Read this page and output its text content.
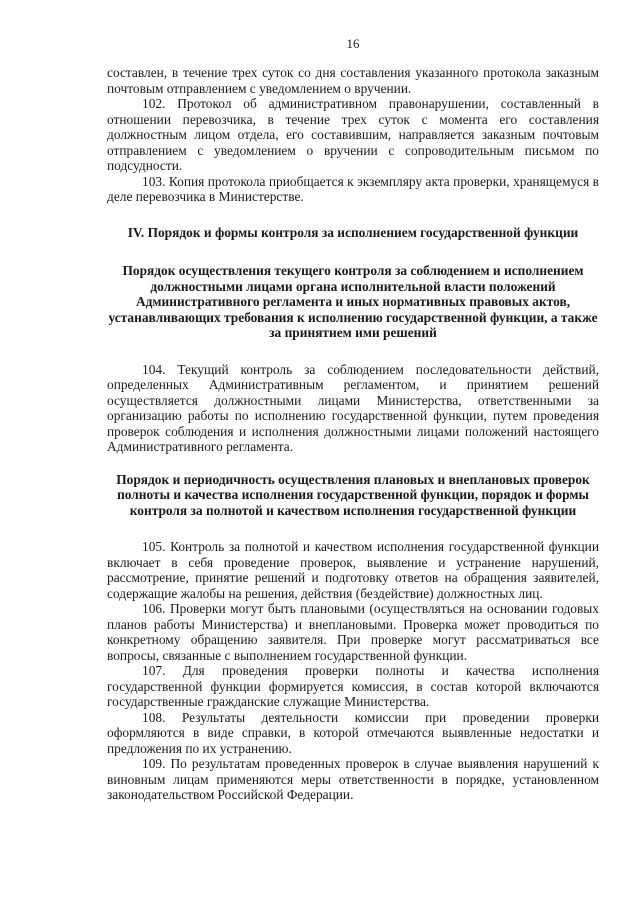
16

составлен, в течение трех суток со дня составления указанного протокола заказным почтовым отправлением с уведомлением о вручении.

102. Протокол об административном правонарушении, составленный в отношении перевозчика, в течение трех суток с момента его составления должностным лицом отдела, его составившим, направляется заказным почтовым отправлением с уведомлением о вручении с сопроводительным письмом по подсудности.

103. Копия протокола приобщается к экземпляру акта проверки, хранящемуся в деле перевозчика в Министерстве.

IV. Порядок и формы контроля за исполнением государственной функции
Порядок осуществления текущего контроля за соблюдением и исполнением должностными лицами органа исполнительной власти положений Административного регламента и иных нормативных правовых актов, устанавливающих требования к исполнению государственной функции, а также за принятием ими решений

104. Текущий контроль за соблюдением последовательности действий, определенных Административным регламентом, и принятием решений осуществляется должностными лицами Министерства, ответственными за организацию работы по исполнению государственной функции, путем проведения проверок соблюдения и исполнения должностными лицами положений настоящего Административного регламента.

Порядок и периодичность осуществления плановых и внеплановых проверок полноты и качества исполнения государственной функции, порядок и формы контроля за полнотой и качеством исполнения государственной функции

105. Контроль за полнотой и качеством исполнения государственной функции включает в себя проведение проверок, выявление и устранение нарушений, рассмотрение, принятие решений и подготовку ответов на обращения заявителей, содержащие жалобы на решения, действия (бездействие) должностных лиц.

106. Проверки могут быть плановыми (осуществляться на основании годовых планов работы Министерства) и внеплановыми. Проверка может проводиться по конкретному обращению заявителя. При проверке могут рассматриваться все вопросы, связанные с выполнением государственной функции.

107. Для проведения проверки полноты и качества исполнения государственной функции формируется комиссия, в состав которой включаются государственные гражданские служащие Министерства.

108. Результаты деятельности комиссии при проведении проверки оформляются в виде справки, в которой отмечаются выявленные недостатки и предложения по их устранению.

109. По результатам проведенных проверок в случае выявления нарушений к виновным лицам применяются меры ответственности в порядке, установленном законодательством Российской Федерации.
